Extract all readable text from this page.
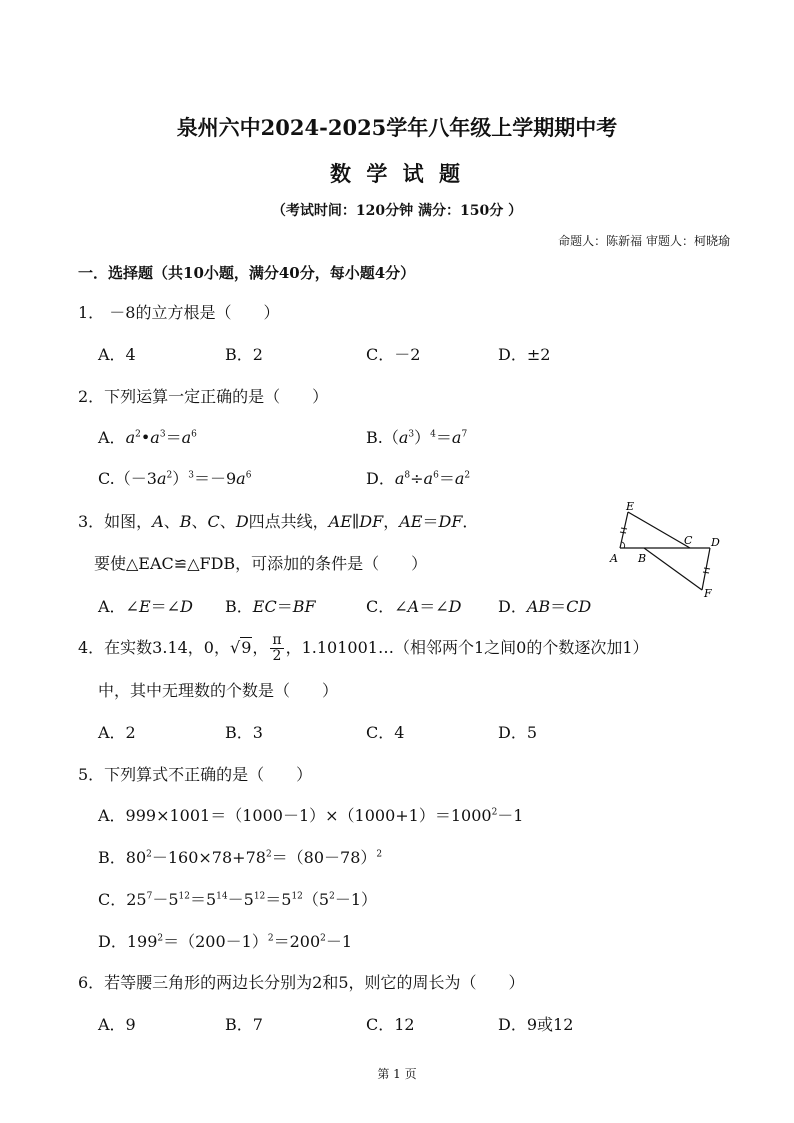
泉州六中2024-2025学年八年级上学期期中考
数 学 试 题
（考试时间：120分钟 满分：150分 ）
命题人：陈新福 审题人：柯晓瑜
一．选择题（共10小题，满分40分，每小题4分）
1． －8的立方根是（　　）
A．4	B．2	C．－2	D．±2
2．下列运算一定正确的是（　　）
A．$a^2•a^3=a^6$	$B.(a^3)^4=a^7$
$C.(-3a^2)^3=-9a^6$	D．$a^8\div a^6=a^2$
3．如图，A、B、C、D四点共线，AE∥DF，AE＝DF．
要使△EAC≌△FDB，可添加的条件是（　　）
A．∠E＝∠D B．EC＝BF	C．∠A＝∠D D．AB＝CD
E
C D
A B
F
4．在实数3.14，0，√9， $\frac{\pi}{2}$ ，1.101001…（相邻两个1之间0的个数逐次加1）
中，其中无理数的个数是（　　）
A．2	B．3	C．4	D．5
5．下列算式不正确的是（　　）
A．$999\times 1001=(1000-1)\times(1000+1)=1000^2-1$
B．$80^2-160\times 78+78^2=(80-78)^2$
C．$25^7-5^{12}=5^{14}-5^{12}=5^{12}(5^2-1)$
D．$199^2=(200-1)^2=200^2-1$
6．若等腰三角形的两边长分别为2和5，则它的周长为（　　）
A．9	B．7	C．12	D．9或12
第 1 页
